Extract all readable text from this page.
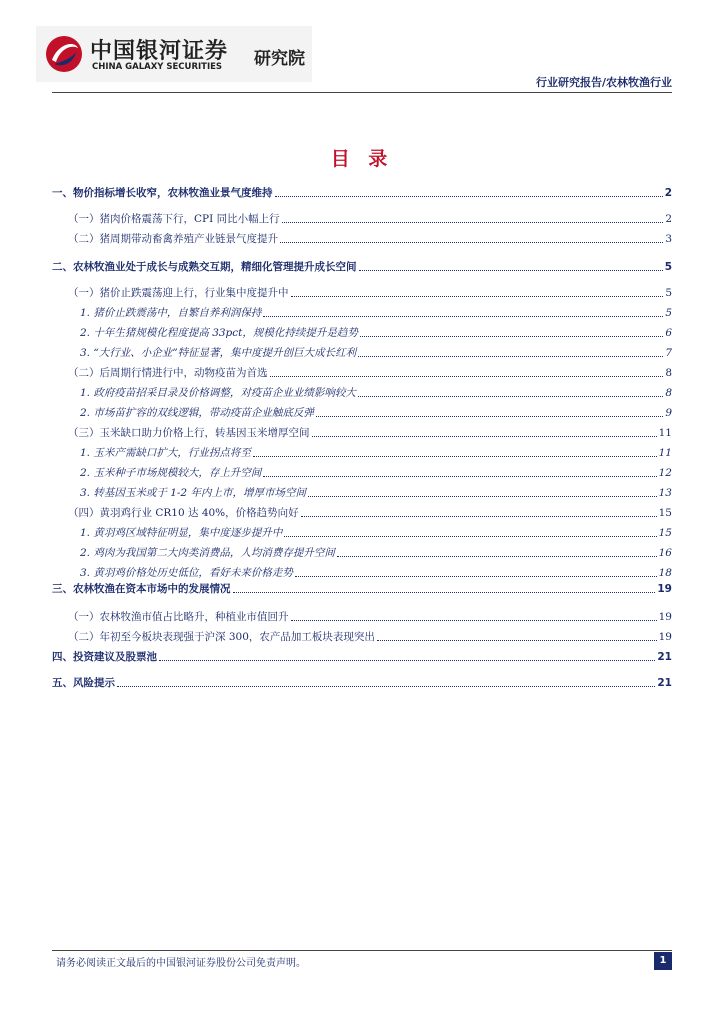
中国银河证券
CHINA GALAXY SECURITIES 研究院
行业研究报告/农林牧渔行业
目 录
一、物价指标增长收窄，农林牧渔业景气度维持	2
（一）猪肉价格震荡下行，CPI 同比小幅上行	2
（二）猪周期带动畜禽养殖产业链景气度提升	3
二、农林牧渔业处于成长与成熟交互期，精细化管理提升成长空间	5
（一）猪价止跌震荡迎上行，行业集中度提升中	5
1. 猪价止跌震荡中，自繁自养利润保持	5
2. 十年生猪规模化程度提高 33pct，规模化持续提升是趋势	6
3. “大行业、小企业”特征显著，集中度提升创巨大成长红利	7
（二）后周期行情进行中，动物疫苗为首选	8
1. 政府疫苗招采目录及价格调整，对疫苗企业业绩影响较大	8
2. 市场苗扩容的双线逻辑，带动疫苗企业触底反弹	9
（三）玉米缺口助力价格上行，转基因玉米增厚空间	11
1. 玉米产需缺口扩大，行业拐点将至	11
2. 玉米种子市场规模较大，存上升空间	12
3. 转基因玉米或于 1-2 年内上市，增厚市场空间	13
（四）黄羽鸡行业 CR10 达 40%，价格趋势向好	15
1. 黄羽鸡区域特征明显，集中度逐步提升中	15
2. 鸡肉为我国第二大肉类消费品，人均消费存提升空间	16
3. 黄羽鸡价格处历史低位，看好未来价格走势	18
三、农林牧渔在资本市场中的发展情况	19
（一）农林牧渔市值占比略升，种植业市值回升	19
（二）年初至今板块表现强于沪深 300，农产品加工板块表现突出	19
四、投资建议及股票池	21
五、风险提示	21
请务必阅读正文最后的中国银河证券股份公司免责声明。	1
